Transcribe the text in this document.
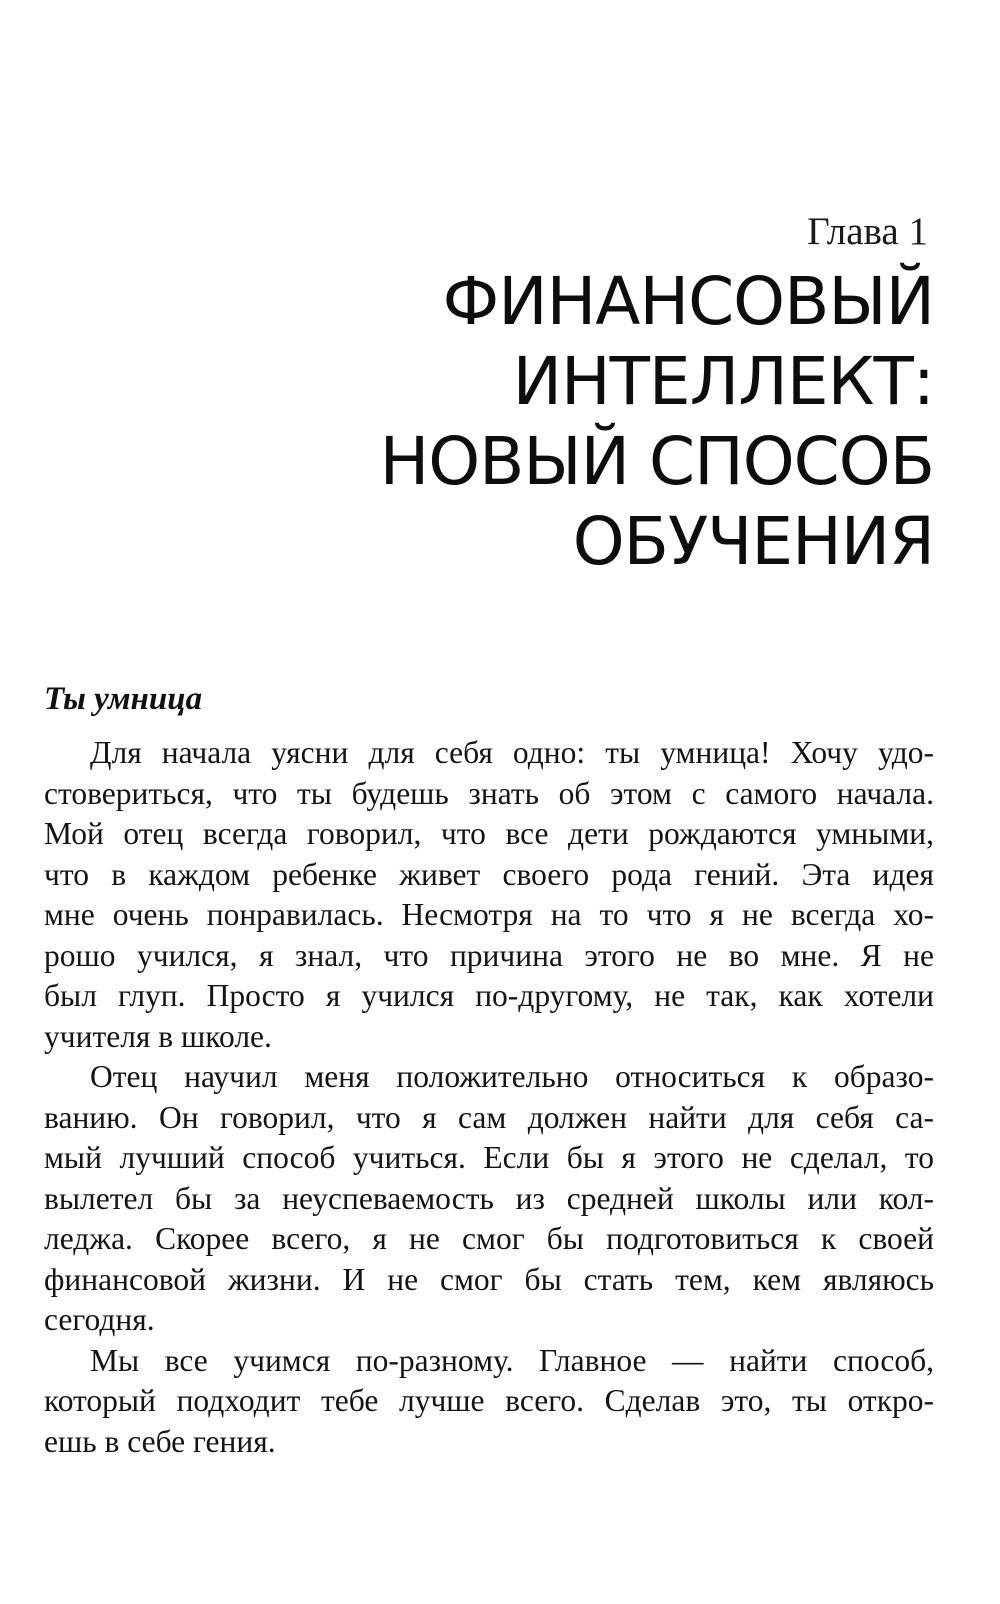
Глава 1
ФИНАНСОВЫЙ
ИНТЕЛЛЕКТ:
НОВЫЙ СПОСОБ
ОБУЧЕНИЯ
Ты умница

Для начала уясни для себя одно: ты умница! Хочу удо-
стовериться, что ты будешь знать об этом с самого начала.
Мой отец всегда говорил, что все дети рождаются умными,
что в каждом ребенке живет своего рода гений. Эта идея
мне очень понравилась. Несмотря на то что я не всегда хо-
рошо учился, я знал, что причина этого не во мне. Я не
был глуп. Просто я учился по-другому, не так, как хотели
учителя в школе.

Отец научил меня положительно относиться к образо-
ванию. Он говорил, что я сам должен найти для себя са-
мый лучший способ учиться. Если бы я этого не сделал, то
вылетел бы за неуспеваемость из средней школы или кол-
леджа. Скорее всего, я не смог бы подготовиться к своей
финансовой жизни. И не смог бы стать тем, кем являюсь
сегодня.

Мы все учимся по-разному. Главное — найти способ,
который подходит тебе лучше всего. Сделав это, ты откро-
ешь в себе гения.
